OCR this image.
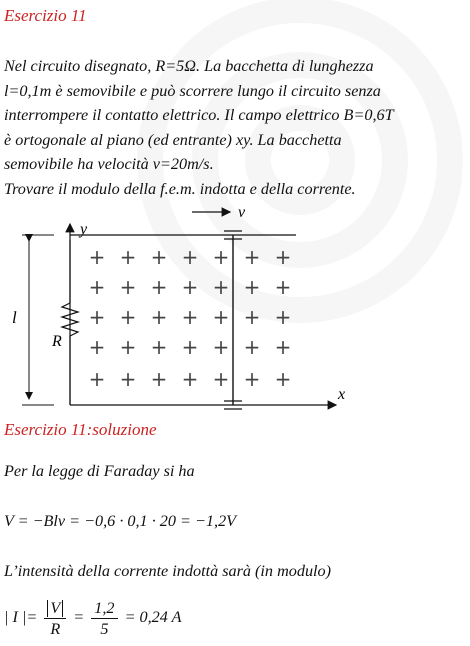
Esercizio 11
Nel circuito disegnato, R=5Ω. La bacchetta di lunghezza
l=0,1m è semovibile e può scorrere lungo il circuito senza
interrompere il contatto elettrico. Il campo elettrico B=0,6T
è ortogonale al piano (ed entrante) xy. La bacchetta
semovibile ha velocità v=20m/s.
Trovare il modulo della f.e.m. indotta e della corrente.
y
x
v
R
l
+ + + + + + +
+ + + + + + +
+ + + + + + +
+ + + + + + +
+ + + + + + +
Esercizio 11:soluzione
Per la legge di Faraday si ha
V = −Blv = −0,6 · 0,1 · 20 = −1,2V
L’intensità della corrente indottà sarà (in modulo)
| I |= $\frac{V}{R} = \frac{1,2}{5} = 0,24$ A
